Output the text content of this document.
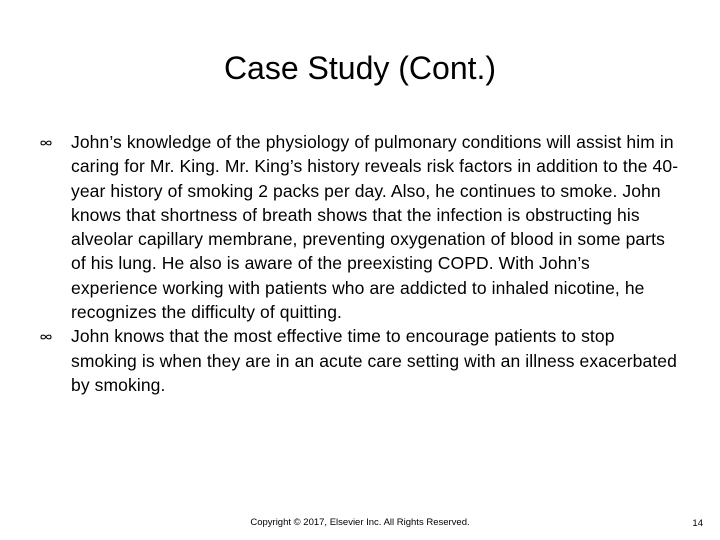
Case Study (Cont.)
John’s knowledge of the physiology of pulmonary conditions will assist him in caring for Mr. King. Mr. King’s history reveals risk factors in addition to the 40-year history of smoking 2 packs per day. Also, he continues to smoke. John knows that shortness of breath shows that the infection is obstructing his alveolar capillary membrane, preventing oxygenation of blood in some parts of his lung. He also is aware of the preexisting COPD. With John’s experience working with patients who are addicted to inhaled nicotine, he recognizes the difficulty of quitting.
John knows that the most effective time to encourage patients to stop smoking is when they are in an acute care setting with an illness exacerbated by smoking.
Copyright © 2017, Elsevier Inc. All Rights Reserved.	14
